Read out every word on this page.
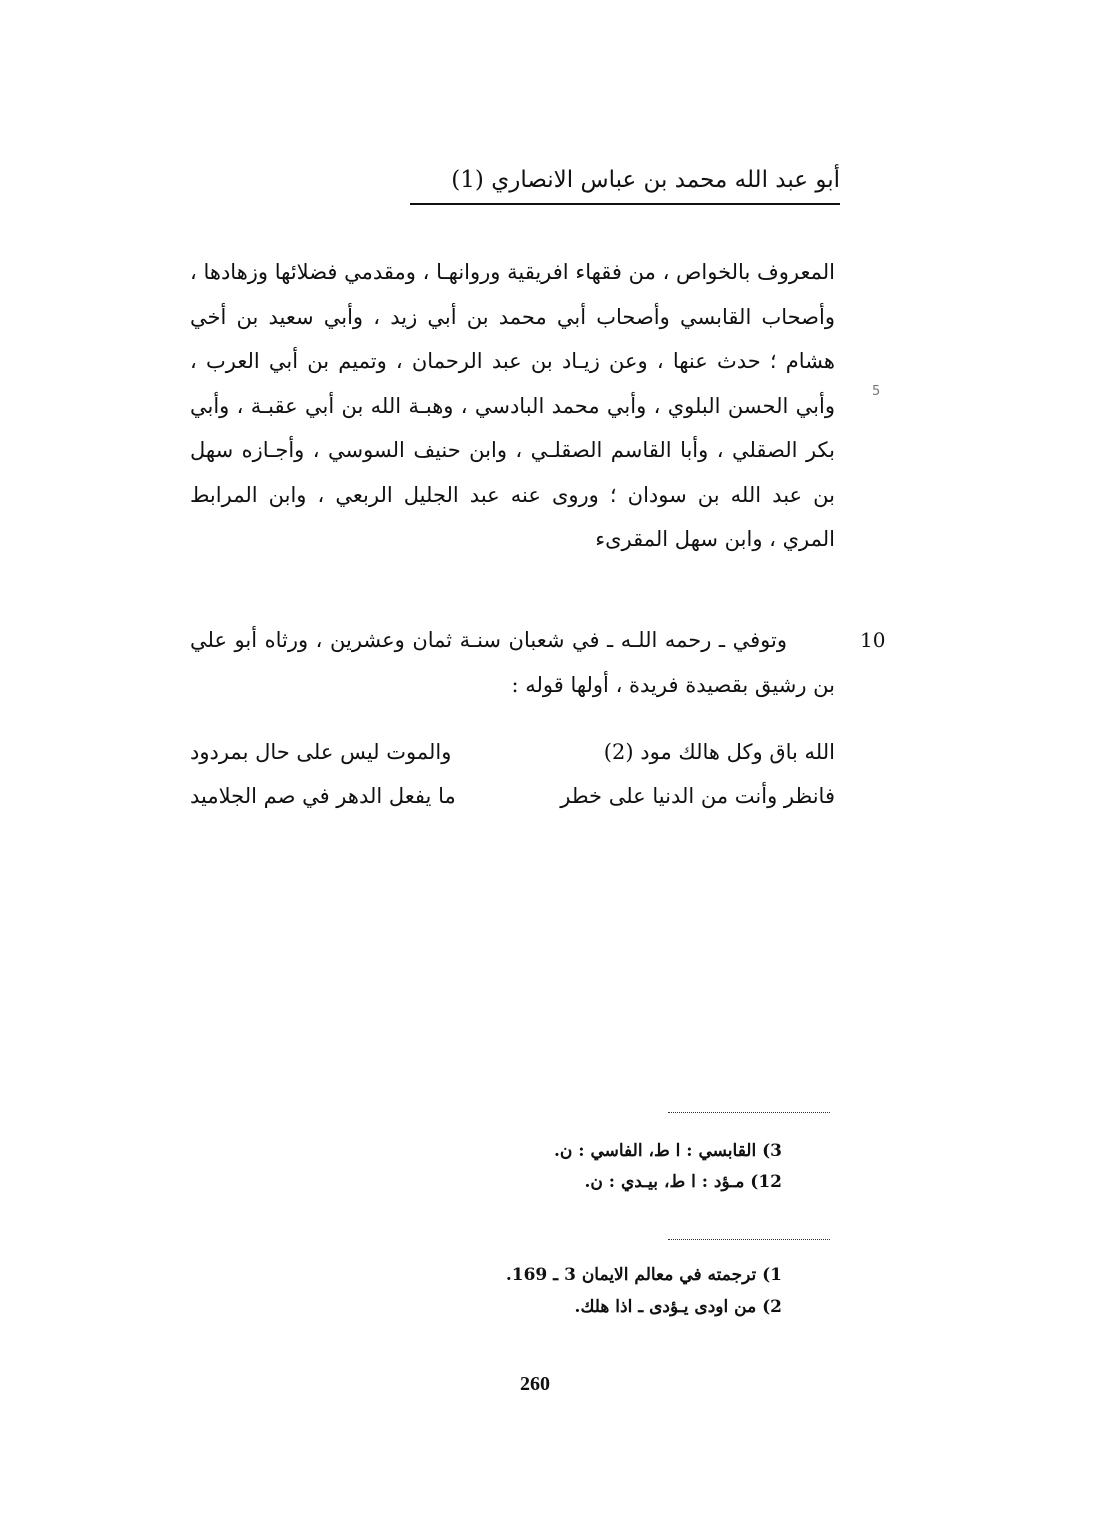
أبو عبد الله محمد بن عباس الانصاري (1)
المعروف بالخواص ، من فقهاء افريقية وروانهـا ، ومقدمي فضلائها وزهادها ، وأصحاب القابسي وأصحاب أبي محمد بن أبي زيد ، وأبي سعيد بن أخي هشام ؛ حدث عنها ، وعن زيـاد بن عبد الرحمان ، وتميم بن أبي العرب ، وأبي الحسن البلوي ، وأبي محمد البادسي ، وهبـة الله بن أبي عقبـة ، وأبي بكر الصقلي ، وأبا القاسم الصقلـي ، وابن حنيف السوسي ، وأجـازه سهل بن عبد الله بن سودان ؛ وروى عنه عبد الجليل الربعي ، وابن المرابط المري ، وابن سهل المقرىء
5
وتوفي ـ رحمه اللـه ـ في شعبان سنـة ثمان وعشرين ، ورثاه أبو علي بن رشيق بقصيدة فريدة ، أولها قوله :
10
الله باق وكل هالك مود (2)
والموت ليس على حال بمردود
فانظر وأنت من الدنيا على خطر
ما يفعل الدهر في صم الجلاميد
3) القابسي : ا ط، الفاسي : ن.
12) مـؤد : ا ط، بيـدي : ن.
1) ترجمته في معالم الايمان 3 ـ 169.
2) من اودى يـؤدى ـ اذا هلك.
260
